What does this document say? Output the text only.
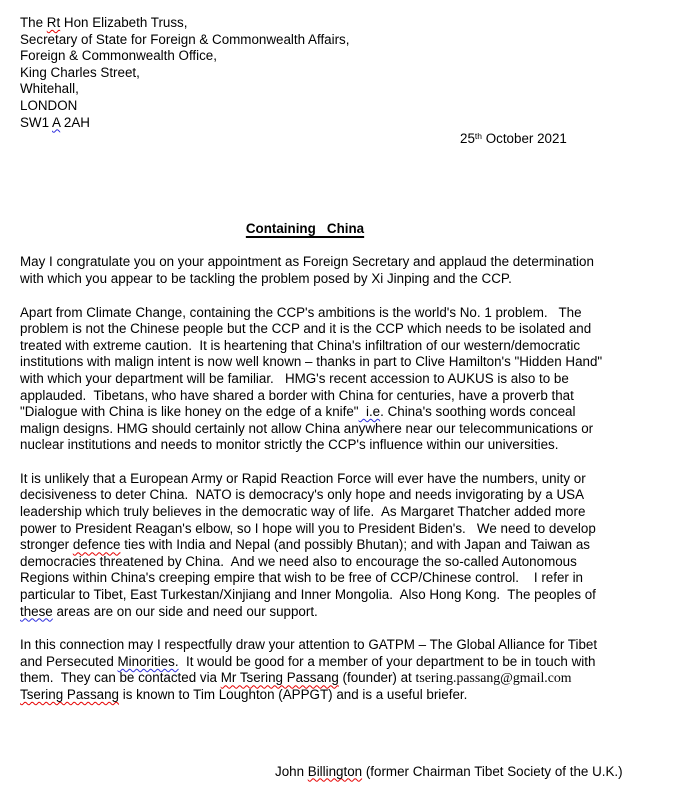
The Rt Hon Elizabeth Truss,
Secretary of State for Foreign & Commonwealth Affairs,
Foreign & Commonwealth Office,
King Charles Street,
Whitehall,
LONDON
SW1 A 2AH
25th October 2021
Containing   China
May I congratulate you on your appointment as Foreign Secretary and applaud the determination
with which you appear to be tackling the problem posed by Xi Jinping and the CCP.
Apart from Climate Change, containing the CCP's ambitions is the world's No. 1 problem.   The
problem is not the Chinese people but the CCP and it is the CCP which needs to be isolated and
treated with extreme caution.  It is heartening that China's infiltration of our western/democratic
institutions with malign intent is now well known – thanks in part to Clive Hamilton's "Hidden Hand"
with which your department will be familiar.   HMG's recent accession to AUKUS is also to be
applauded.  Tibetans, who have shared a border with China for centuries, have a proverb that
"Dialogue with China is like honey on the edge of a knife"  i.e. China's soothing words conceal
malign designs. HMG should certainly not allow China anywhere near our telecommunications or
nuclear institutions and needs to monitor strictly the CCP's influence within our universities.
It is unlikely that a European Army or Rapid Reaction Force will ever have the numbers, unity or
decisiveness to deter China.  NATO is democracy's only hope and needs invigorating by a USA
leadership which truly believes in the democratic way of life.  As Margaret Thatcher added more
power to President Reagan's elbow, so I hope will you to President Biden's.   We need to develop
stronger defence ties with India and Nepal (and possibly Bhutan); and with Japan and Taiwan as
democracies threatened by China.  And we need also to encourage the so-called Autonomous
Regions within China's creeping empire that wish to be free of CCP/Chinese control.    I refer in
particular to Tibet, East Turkestan/Xinjiang and Inner Mongolia.  Also Hong Kong.  The peoples of
these areas are on our side and need our support.
In this connection may I respectfully draw your attention to GATPM – The Global Alliance for Tibet
and Persecuted Minorities.  It would be good for a member of your department to be in touch with
them.  They can be contacted via Mr Tsering Passang (founder) at tsering.passang@gmail.com
Tsering Passang is known to Tim Loughton (APPGT) and is a useful briefer.
John Billington (former Chairman Tibet Society of the U.K.)
